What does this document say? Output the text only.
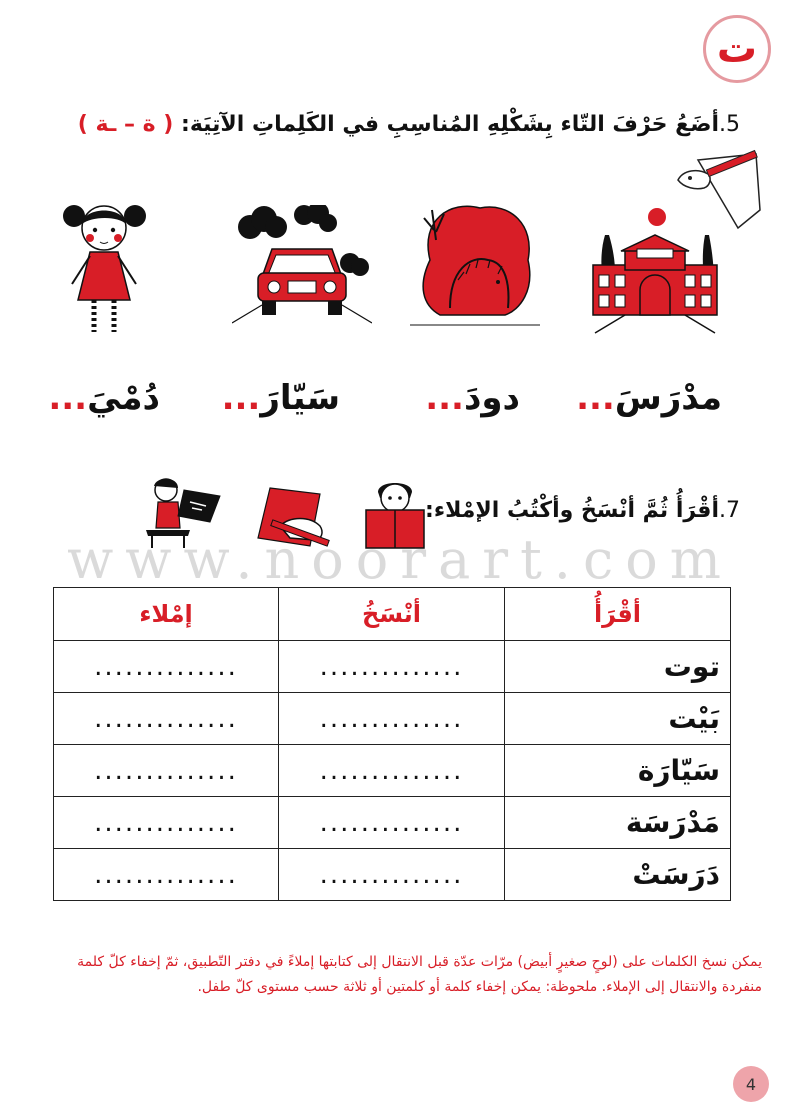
ت
5.أضَعُ حَرْفَ التّاء بِشَكْلِهِ المُناسِبِ في الكَلِماتِ الآتِيَة: ( ة – ـة )
مدْرَسَ...
دودَ...
سَيّارَ...
دُمْيَ...
7.أقْرَأُ ثُمَّ أنْسَخُ وأكْتُبُ الإمْلاء:
www.noorart.com
أقْرَأُ	أنْسَخُ	إمْلاء
توت	..............	..............
بَيْت	..............	..............
سَيّارَة	..............	..............
مَدْرَسَة	..............	..............
دَرَسَتْ	..............	..............
يمكن نسخ الكلمات على (لوحٍ صغيرٍ أبيض) مرّات عدّة قبل الانتقال إلى كتابتها إملاءً في دفتر التّطبيق، ثمّ إخفاء كلّ كلمة منفردة والانتقال إلى الإملاء. ملحوظة: يمكن إخفاء كلمة أو كلمتين أو ثلاثة حسب مستوى كلّ طفل.
4
